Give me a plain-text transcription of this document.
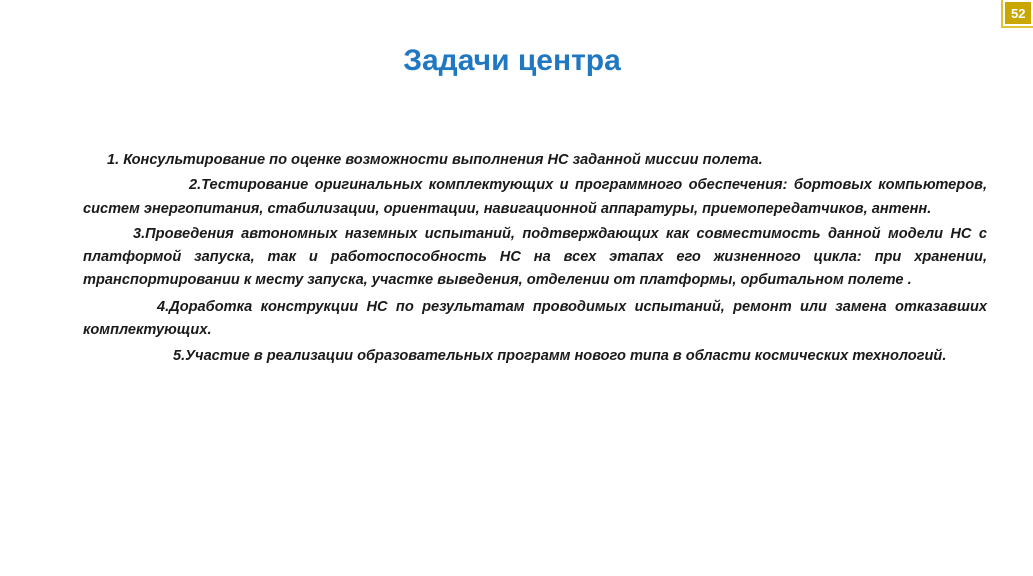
52
Задачи центра

1. Консультирование по оценке возможности выполнения НС заданной миссии полета.

2.Тестирование оригинальных комплектующих и программного обеспечения: бортовых компьютеров, систем энергопитания, стабилизации, ориентации, навигационной аппаратуры, приемопередатчиков, антенн.

3.Проведения автономных наземных испытаний, подтверждающих как совместимость данной модели НС с платформой запуска, так и работоспособность НС на всех этапах его жизненного цикла: при хранении, транспортировании к месту запуска, участке выведения, отделении от платформы, орбитальном полете .

4.Доработка конструкции НС по результатам проводимых испытаний, ремонт или замена отказавших комплектующих.

5.Участие в реализации образовательных программ нового типа в области космических технологий.
